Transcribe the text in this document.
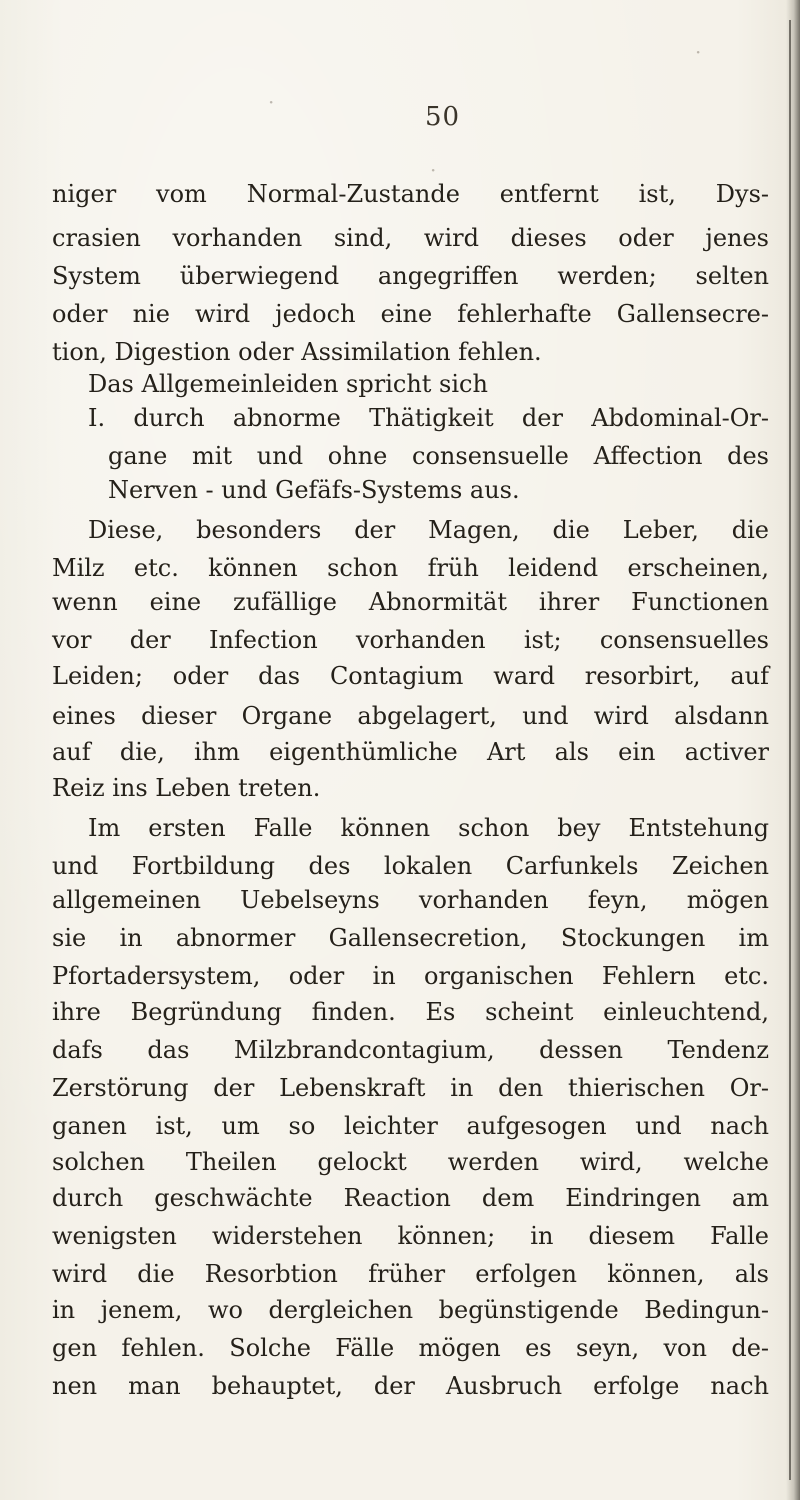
50
niger vom Normal-Zustande entfernt ist, Dys-
crasien vorhanden sind, wird dieses oder jenes
System überwiegend angegriffen werden; selten
oder nie wird jedoch eine fehlerhafte Gallensecre-
tion, Digestion oder Assimilation fehlen.
Das Allgemeinleiden spricht sich
I. durch abnorme Thätigkeit der Abdominal-Or-
gane mit und ohne consensuelle Affection des
Nerven - und Gefäfs-Systems aus.
Diese, besonders der Magen, die Leber, die
Milz etc. können schon früh leidend erscheinen,
wenn eine zufällige Abnormität ihrer Functionen
vor der Infection vorhanden ist; consensuelles
Leiden; oder das Contagium ward resorbirt, auf
eines dieser Organe abgelagert, und wird alsdann
auf die, ihm eigenthümliche Art als ein activer
Reiz ins Leben treten.
Im ersten Falle können schon bey Entstehung
und Fortbildung des lokalen Carfunkels Zeichen
allgemeinen Uebelseyns vorhanden feyn, mögen
sie in abnormer Gallensecretion, Stockungen im
Pfortadersystem, oder in organischen Fehlern etc.
ihre Begründung finden. Es scheint einleuchtend,
dafs das Milzbrandcontagium, dessen Tendenz
Zerstörung der Lebenskraft in den thierischen Or-
ganen ist, um so leichter aufgesogen und nach
solchen Theilen gelockt werden wird, welche
durch geschwächte Reaction dem Eindringen am
wenigsten widerstehen können; in diesem Falle
wird die Resorbtion früher erfolgen können, als
in jenem, wo dergleichen begünstigende Bedingun-
gen fehlen. Solche Fälle mögen es seyn, von de-
nen man behauptet, der Ausbruch erfolge nach
·
·
·
